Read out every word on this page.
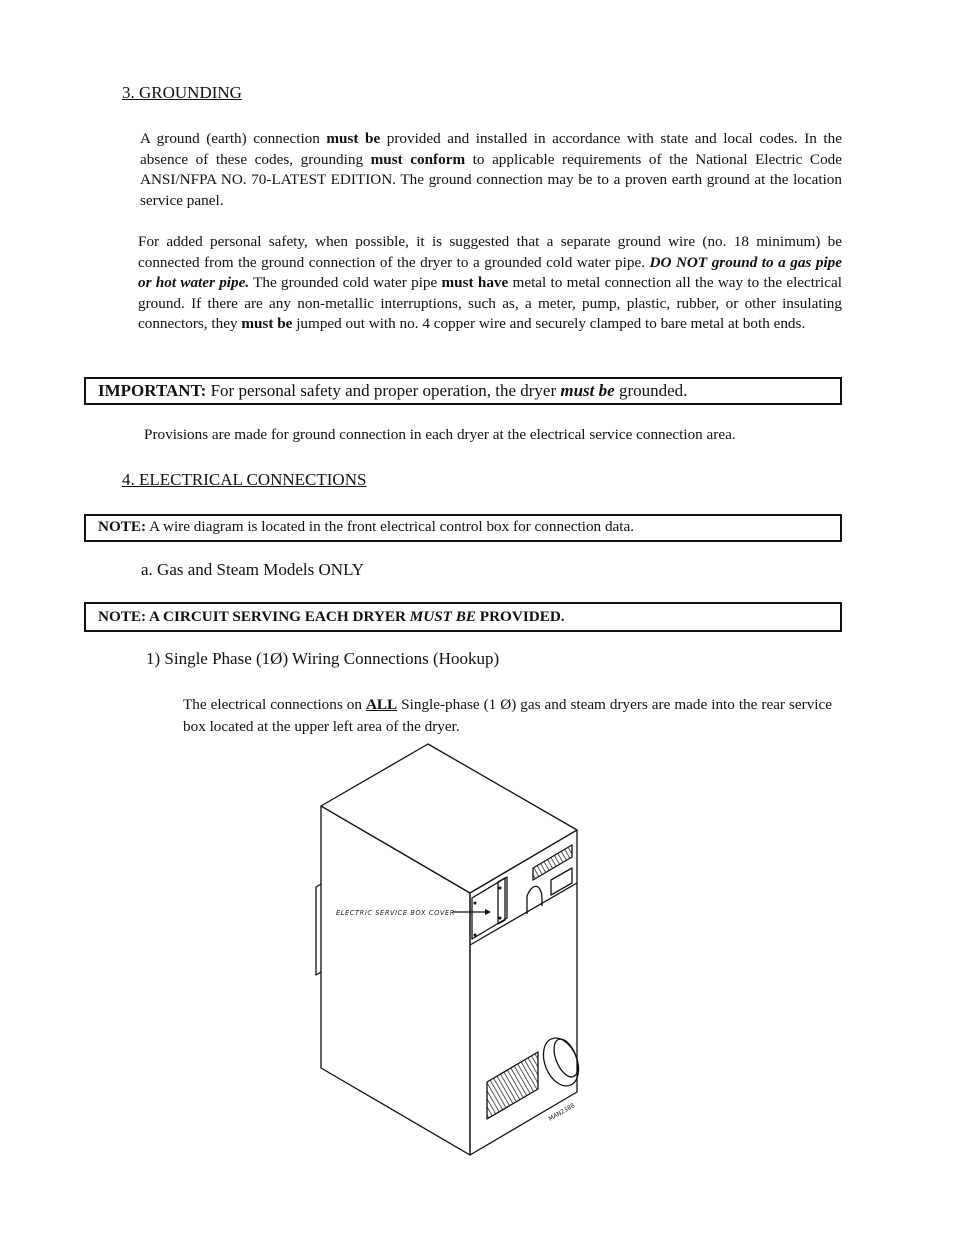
3. GROUNDING
A ground (earth) connection must be provided and installed in accordance with state and local codes. In the absence of these codes, grounding must conform to applicable requirements of the National Electric Code ANSI/NFPA NO. 70-LATEST EDITION. The ground connection may be to a proven earth ground at the location service panel.
For added personal safety, when possible, it is suggested that a separate ground wire (no. 18 minimum) be connected from the ground connection of the dryer to a grounded cold water pipe. DO NOT ground to a gas pipe or hot water pipe. The grounded cold water pipe must have metal to metal connection all the way to the electrical ground. If there are any non-metallic interruptions, such as, a meter, pump, plastic, rubber, or other insulating connectors, they must be jumped out with no. 4 copper wire and securely clamped to bare metal at both ends.
IMPORTANT: For personal safety and proper operation, the dryer must be grounded.
Provisions are made for ground connection in each dryer at the electrical service connection area.
4. ELECTRICAL CONNECTIONS
NOTE: A wire diagram is located in the front electrical control box for connection data.
a. Gas and Steam Models ONLY
NOTE: A CIRCUIT SERVING EACH DRYER MUST BE PROVIDED.
1) Single Phase (1Ø) Wiring Connections (Hookup)
The electrical connections on ALL Single-phase (1 Ø) gas and steam dryers are made into the rear service box located at the upper left area of the dryer.
ELECTRIC SERVICE BOX COVER
MAN2388
